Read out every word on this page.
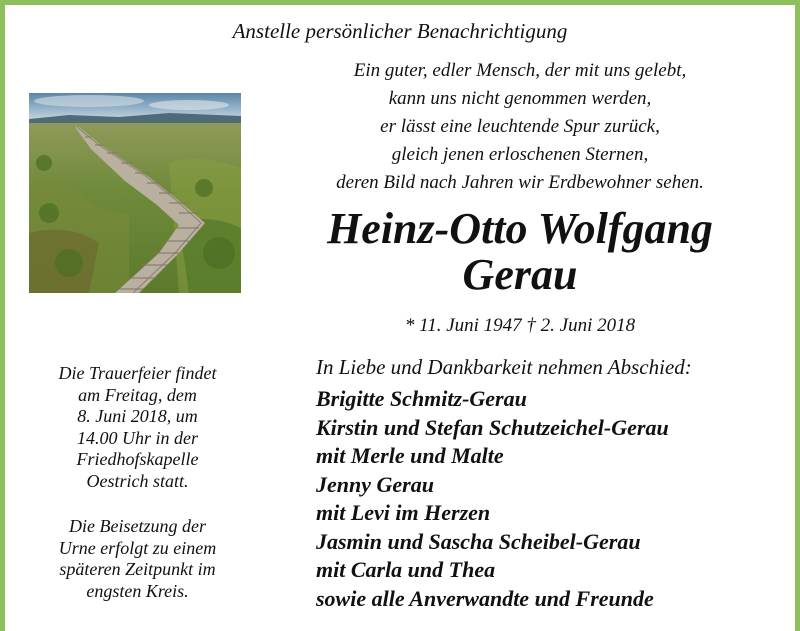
Anstelle persönlicher Benachrichtigung
Ein guter, edler Mensch, der mit uns gelebt,
kann uns nicht genommen werden,
er lässt eine leuchtende Spur zurück,
gleich jenen erloschenen Sternen,
deren Bild nach Jahren wir Erdbewohner sehen.
Heinz-Otto Wolfgang
Gerau
* 11. Juni 1947 † 2. Juni 2018
In Liebe und Dankbarkeit nehmen Abschied:
Brigitte Schmitz-Gerau
Kirstin und Stefan Schutzeichel-Gerau
mit Merle und Malte
Jenny Gerau
mit Levi im Herzen
Jasmin und Sascha Scheibel-Gerau
mit Carla und Thea
sowie alle Anverwandte und Freunde
Die Trauerfeier findet
am Freitag, dem
8. Juni 2018, um
14.00 Uhr in der
Friedhofskapelle
Oestrich statt.
Die Beisetzung der
Urne erfolgt zu einem
späteren Zeitpunkt im
engsten Kreis.
